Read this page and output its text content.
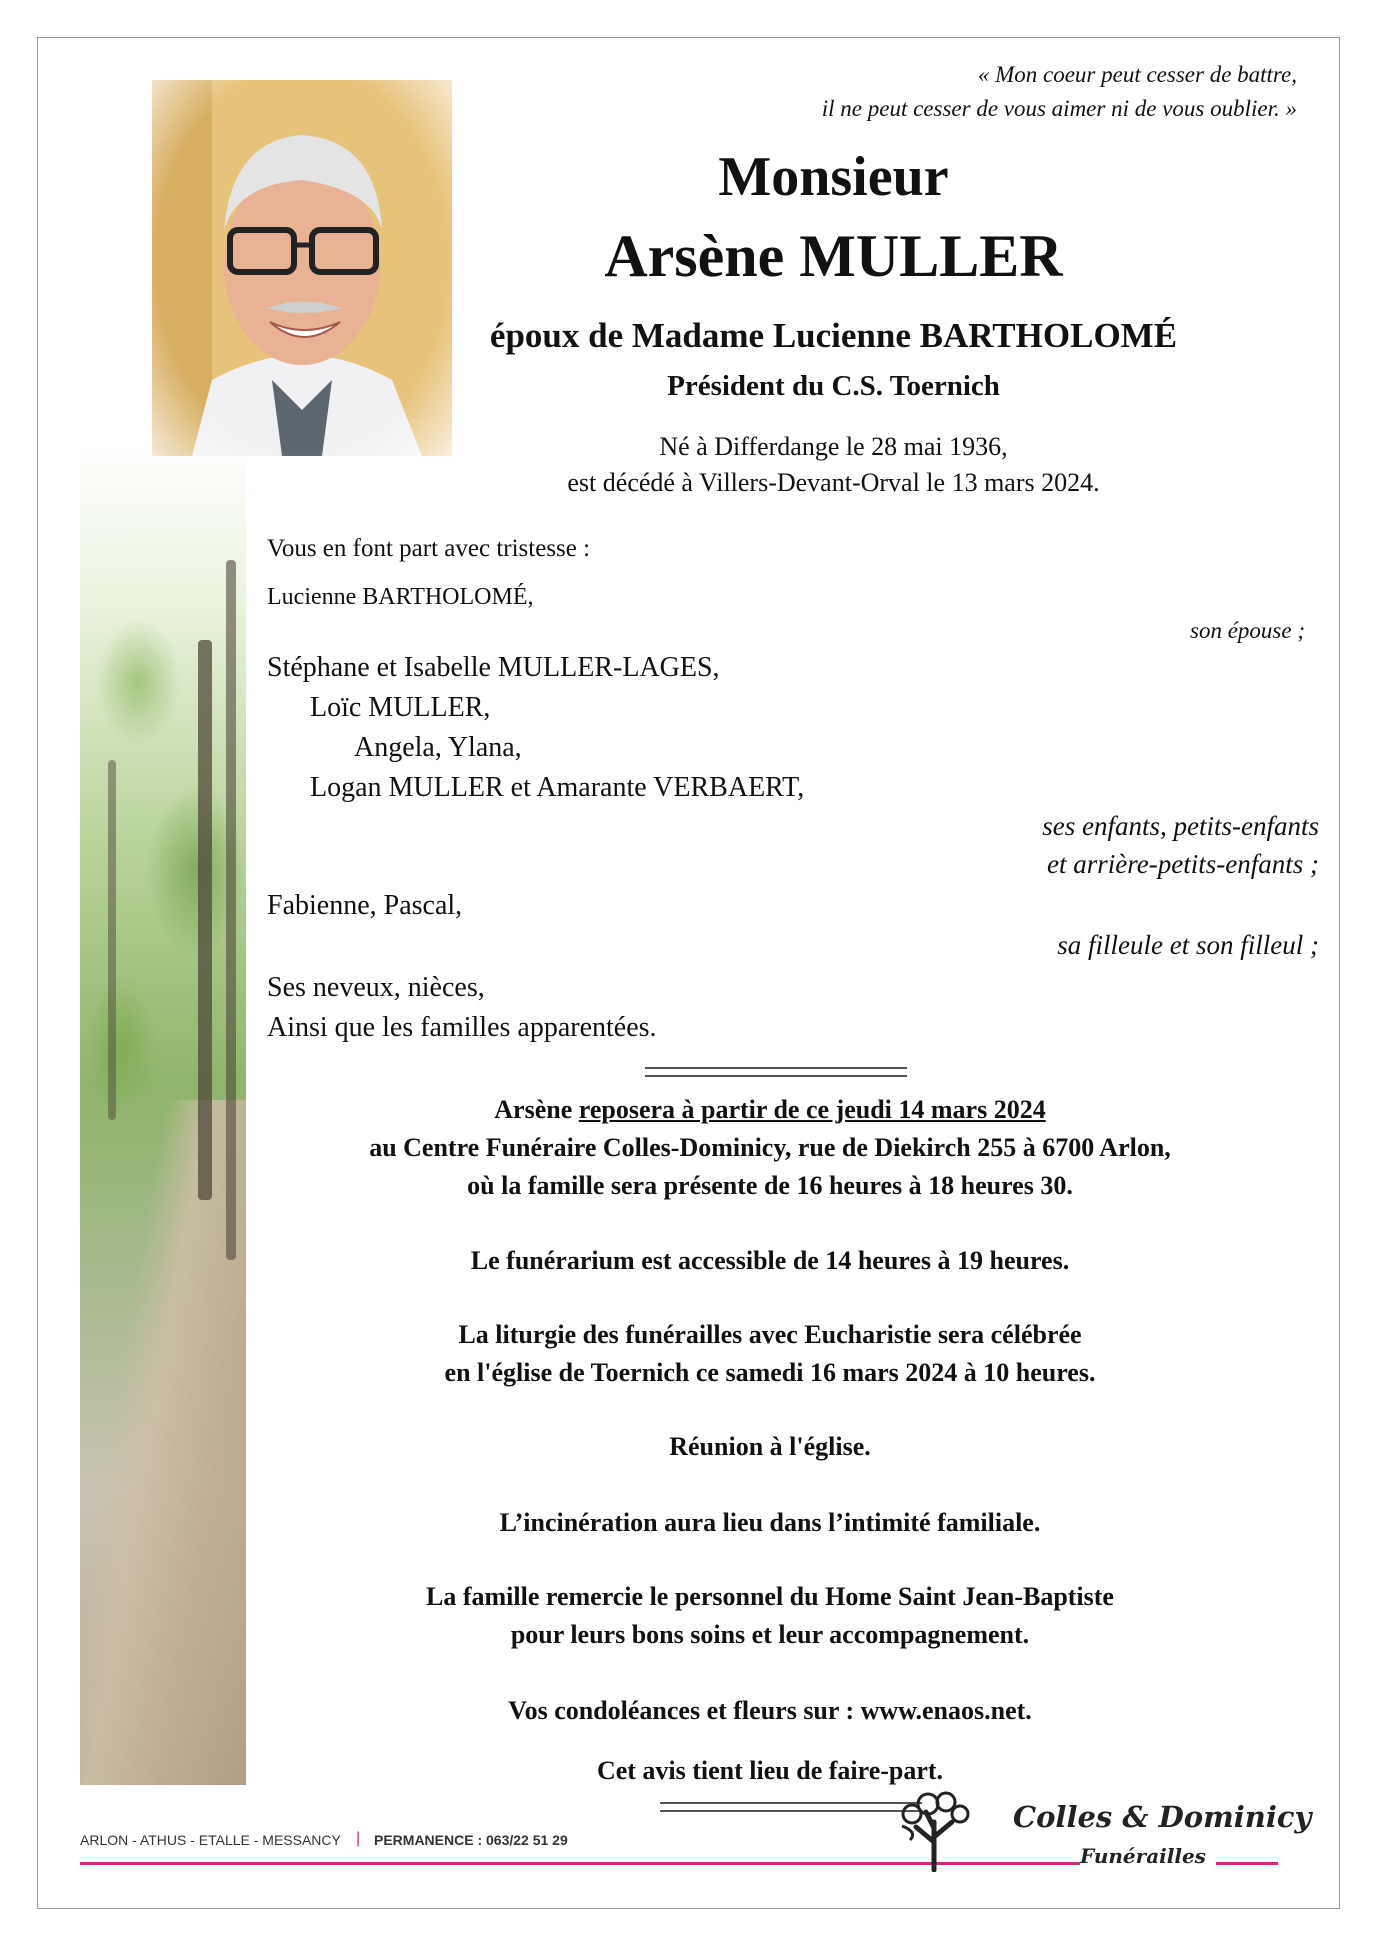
« Mon coeur peut cesser de battre,
il ne peut cesser de vous aimer ni de vous oublier. »
Monsieur
Arsène MULLER
époux de Madame Lucienne BARTHOLOMÉ
Président du C.S. Toernich
Né à Differdange le 28 mai 1936,
est décédé à Villers-Devant-Orval le 13 mars 2024.
Vous en font part avec tristesse :
Lucienne BARTHOLOMÉ,
son épouse ;
Stéphane et Isabelle MULLER-LAGES,
Loïc MULLER,
Angela, Ylana,
Logan MULLER et Amarante VERBAERT,
ses enfants, petits-enfants
et arrière-petits-enfants ;
Fabienne, Pascal,
sa filleule et son filleul ;
Ses neveux, nièces,
Ainsi que les familles apparentées.
Arsène reposera à partir de ce jeudi 14 mars 2024
au Centre Funéraire Colles-Dominicy, rue de Diekirch 255 à 6700 Arlon,
où la famille sera présente de 16 heures à 18 heures 30.
Le funérarium est accessible de 14 heures à 19 heures.
La liturgie des funérailles avec Eucharistie sera célébrée
en l'église de Toernich ce samedi 16 mars 2024 à 10 heures.
Réunion à l'église.
L’incinération aura lieu dans l’intimité familiale.
La famille remercie le personnel du Home Saint Jean-Baptiste
pour leurs bons soins et leur accompagnement.
Vos condoléances et fleurs sur : www.enaos.net.
Cet avis tient lieu de faire-part.
ARLON - ATHUS - ETALLE - MESSANCY | PERMANENCE : 063/22 51 29
Colles & Dominicy
Funérailles
